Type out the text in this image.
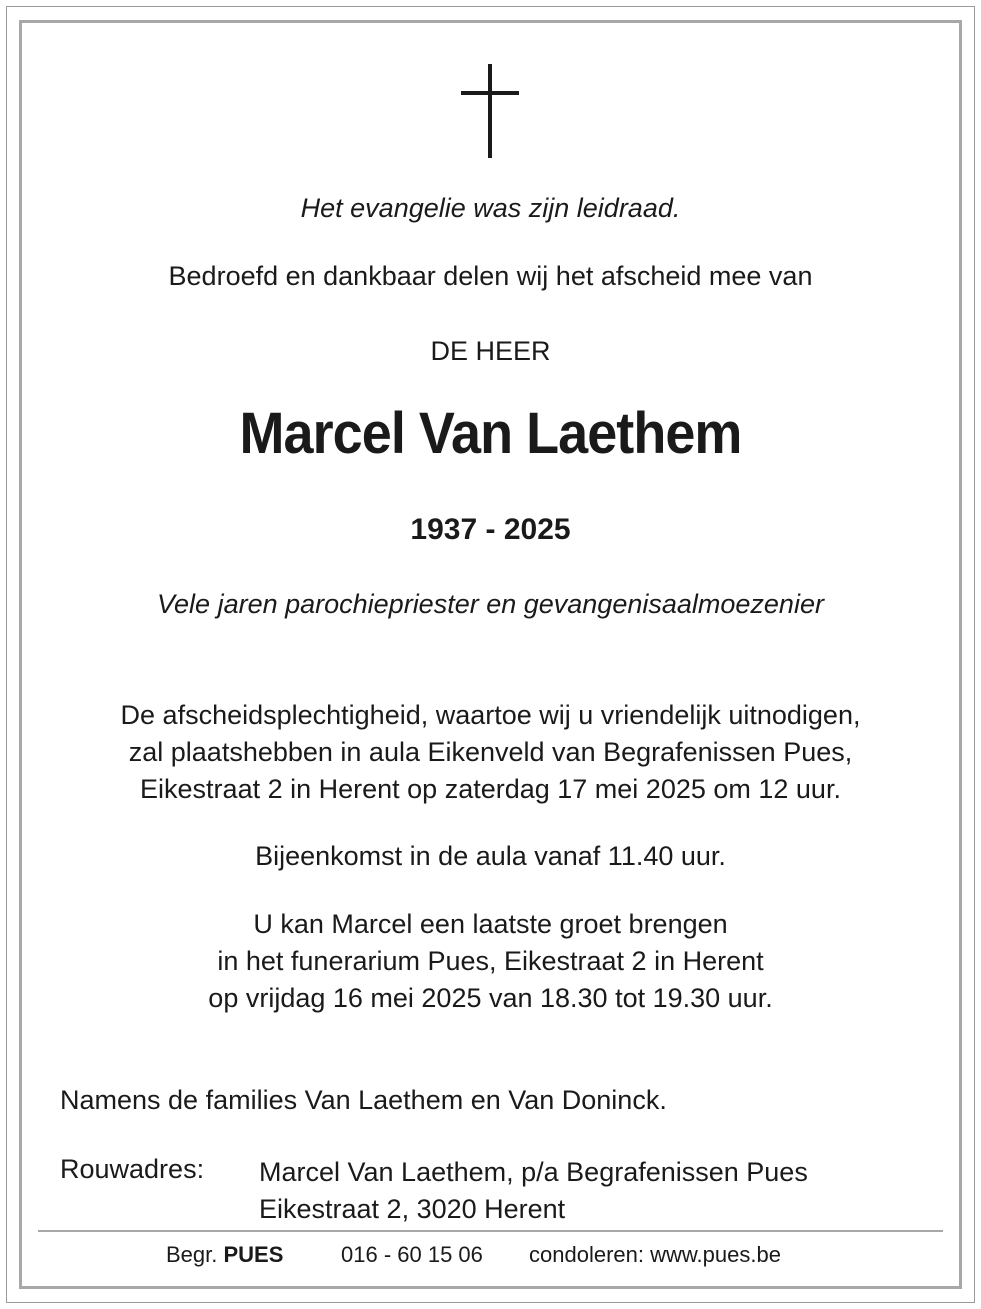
Het evangelie was zijn leidraad.
Bedroefd en dankbaar delen wij het afscheid mee van
DE HEER
Marcel Van Laethem
1937 - 2025
Vele jaren parochiepriester en gevangenisaalmoezenier
De afscheidsplechtigheid, waartoe wij u vriendelijk uitnodigen,
zal plaatshebben in aula Eikenveld van Begrafenissen Pues,
Eikestraat 2 in Herent op zaterdag 17 mei 2025 om 12 uur.
Bijeenkomst in de aula vanaf 11.40 uur.
U kan Marcel een laatste groet brengen
in het funerarium Pues, Eikestraat 2 in Herent
op vrijdag 16 mei 2025 van 18.30 tot 19.30 uur.
Namens de families Van Laethem en Van Doninck.
Rouwadres: Marcel Van Laethem, p/a Begrafenissen Pues
Eikestraat 2, 3020 Herent
Begr. PUES	016 - 60 15 06 condoleren: www.pues.be
